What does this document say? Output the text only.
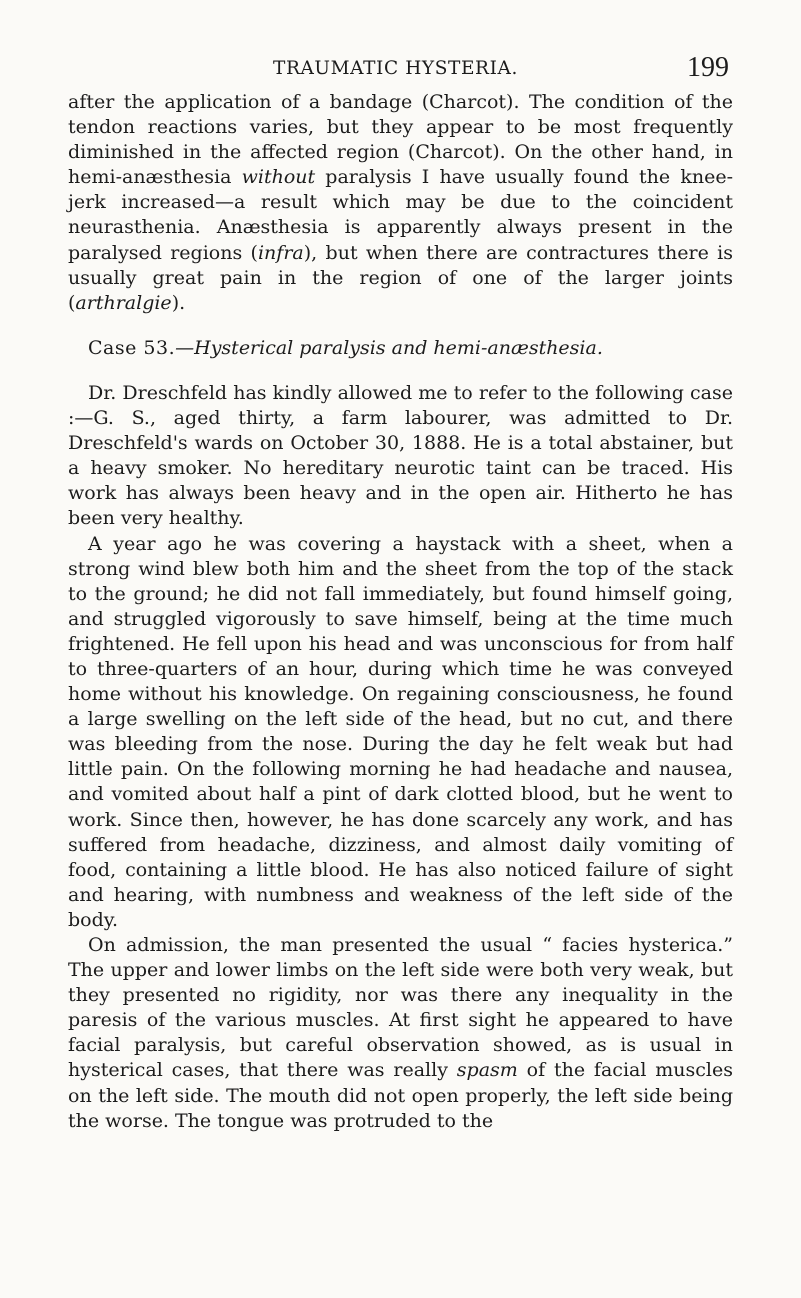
TRAUMATIC HYSTERIA.	199

after the application of a bandage (Charcot). The condition of the tendon reactions varies, but they appear to be most frequently diminished in the affected region (Charcot). On the other hand, in hemi-anæsthesia without paralysis I have usually found the knee-jerk increased—a result which may be due to the coincident neurasthenia. Anæsthesia is apparently always present in the paralysed regions (infra), but when there are contractures there is usually great pain in the region of one of the larger joints (arthralgie).

Case 53.—Hysterical paralysis and hemi-anæsthesia.

Dr. Dreschfeld has kindly allowed me to refer to the following case :—G. S., aged thirty, a farm labourer, was admitted to Dr. Dreschfeld's wards on October 30, 1888. He is a total abstainer, but a heavy smoker. No hereditary neurotic taint can be traced. His work has always been heavy and in the open air. Hitherto he has been very healthy.

A year ago he was covering a haystack with a sheet, when a strong wind blew both him and the sheet from the top of the stack to the ground; he did not fall immediately, but found himself going, and struggled vigorously to save himself, being at the time much frightened. He fell upon his head and was unconscious for from half to three-quarters of an hour, during which time he was conveyed home without his knowledge. On regaining consciousness, he found a large swelling on the left side of the head, but no cut, and there was bleeding from the nose. During the day he felt weak but had little pain. On the following morning he had headache and nausea, and vomited about half a pint of dark clotted blood, but he went to work. Since then, however, he has done scarcely any work, and has suffered from headache, dizziness, and almost daily vomiting of food, containing a little blood. He has also noticed failure of sight and hearing, with numbness and weakness of the left side of the body.

On admission, the man presented the usual “ facies hysterica.” The upper and lower limbs on the left side were both very weak, but they presented no rigidity, nor was there any inequality in the paresis of the various muscles. At first sight he appeared to have facial paralysis, but careful observation showed, as is usual in hysterical cases, that there was really spasm of the facial muscles on the left side. The mouth did not open properly, the left side being the worse. The tongue was protruded to the
